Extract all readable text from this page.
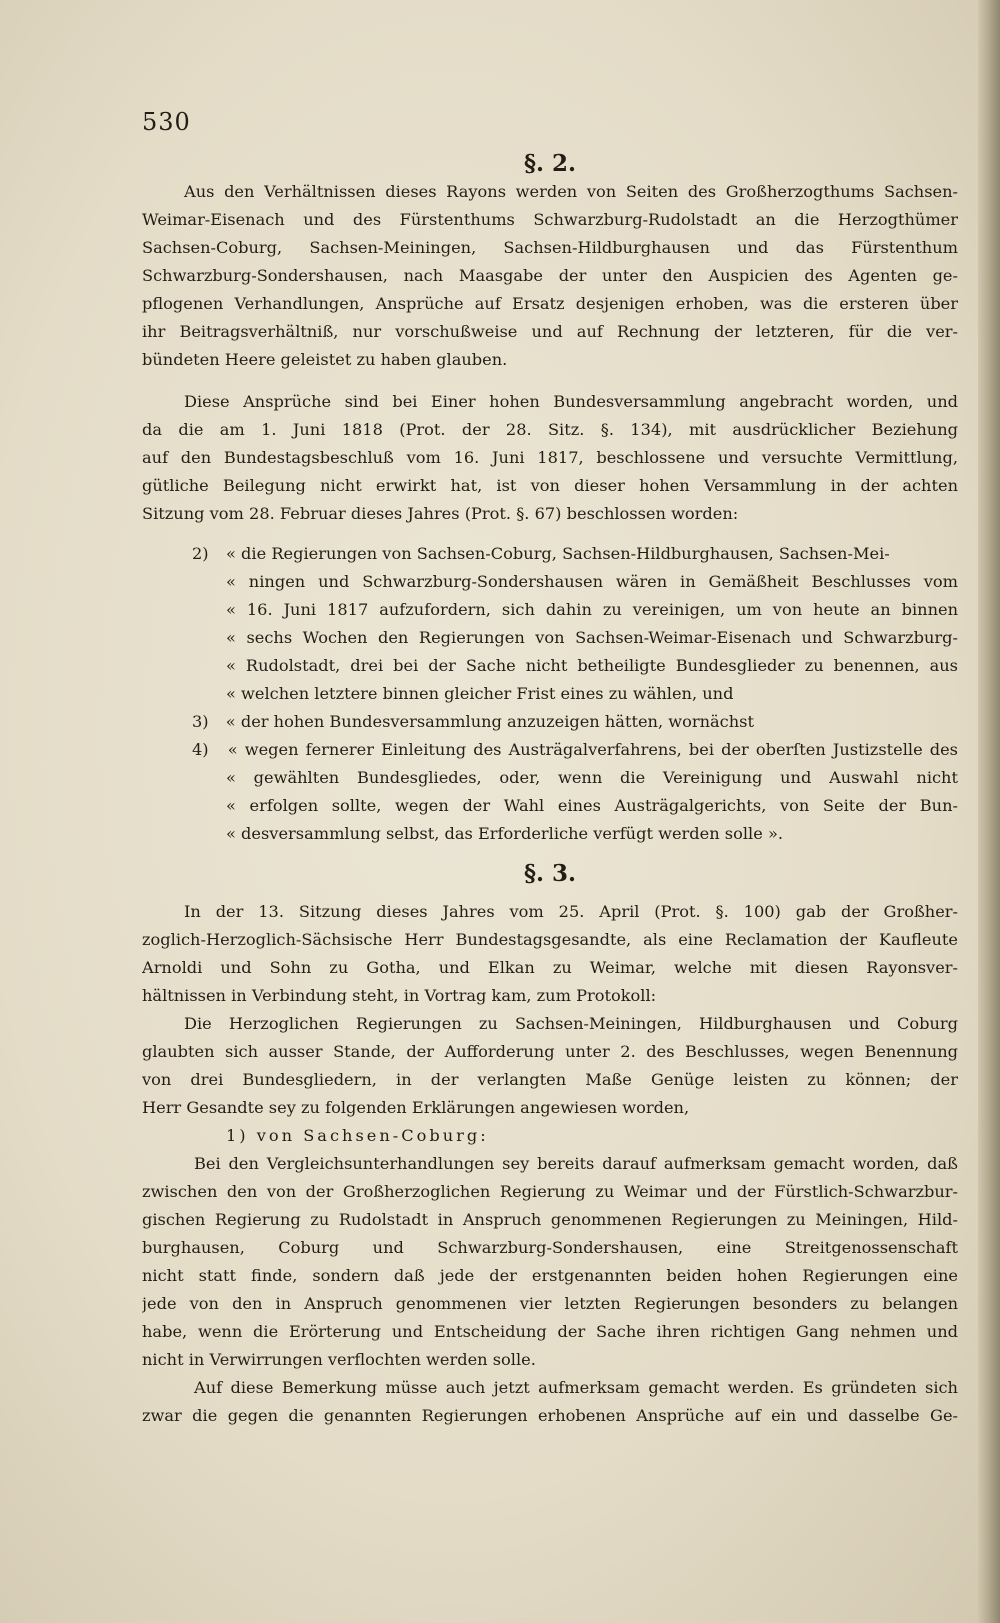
530
§. 2.
Aus den Verhältnissen dieses Rayons werden von Seiten des Großherzogthums Sachsen-
Weimar-Eisenach und des Fürstenthums Schwarzburg-Rudolstadt an die Herzogthümer
Sachsen-Coburg, Sachsen-Meiningen, Sachsen-Hildburghausen und das Fürstenthum
Schwarzburg-Sondershausen, nach Maasgabe der unter den Auspicien des Agenten ge-
pflogenen Verhandlungen, Ansprüche auf Ersatz desjenigen erhoben, was die ersteren über
ihr Beitragsverhältniß, nur vorschußweise und auf Rechnung der letzteren, für die ver-
bündeten Heere geleistet zu haben glauben.
Diese Ansprüche sind bei Einer hohen Bundesversammlung angebracht worden, und
da die am 1. Juni 1818 (Prot. der 28. Sitz. §. 134), mit ausdrücklicher Beziehung
auf den Bundestagsbeschluß vom 16. Juni 1817, beschlossene und versuchte Vermittlung,
gütliche Beilegung nicht erwirkt hat, ist von dieser hohen Versammlung in der achten
Sitzung vom 28. Februar dieses Jahres (Prot. §. 67) beschlossen worden:
2) « die Regierungen von Sachsen-Coburg, Sachsen-Hildburghausen, Sachsen-Mei-
« ningen und Schwarzburg-Sondershausen wären in Gemäßheit Beschlusses vom
« 16. Juni 1817 aufzufordern, sich dahin zu vereinigen, um von heute an binnen
« sechs Wochen den Regierungen von Sachsen-Weimar-Eisenach und Schwarzburg-
« Rudolstadt, drei bei der Sache nicht betheiligte Bundesglieder zu benennen, aus
« welchen letztere binnen gleicher Frist eines zu wählen, und
3) « der hohen Bundesversammlung anzuzeigen hätten, wornächst
4) « wegen fernerer Einleitung des Austrägalverfahrens, bei der oberſten Justizstelle des
« gewählten Bundesgliedes, oder, wenn die Vereinigung und Auswahl nicht
« erfolgen sollte, wegen der Wahl eines Austrägalgerichts, von Seite der Bun-
« desversammlung selbst, das Erforderliche verfügt werden solle ».
§. 3.
In der 13. Sitzung dieses Jahres vom 25. April (Prot. §. 100) gab der Großher-
zoglich-Herzoglich-Sächsische Herr Bundestagsgesandte, als eine Reclamation der Kaufleute
Arnoldi und Sohn zu Gotha, und Elkan zu Weimar, welche mit diesen Rayonsver-
hältnissen in Verbindung steht, in Vortrag kam, zum Protokoll:
Die Herzoglichen Regierungen zu Sachsen-Meiningen, Hildburghausen und Coburg
glaubten sich ausser Stande, der Aufforderung unter 2. des Beschlusses, wegen Benennung
von drei Bundesgliedern, in der verlangten Maße Genüge leisten zu können; der
Herr Gesandte sey zu folgenden Erklärungen angewiesen worden,
1) von Sachsen-Coburg:
Bei den Vergleichsunterhandlungen sey bereits darauf aufmerksam gemacht worden, daß
zwischen den von der Großherzoglichen Regierung zu Weimar und der Fürstlich-Schwarzbur-
gischen Regierung zu Rudolstadt in Anspruch genommenen Regierungen zu Meiningen, Hild-
burghausen, Coburg und Schwarzburg-Sondershausen, eine Streitgenossenschaft
nicht statt finde, sondern daß jede der erstgenannten beiden hohen Regierungen eine
jede von den in Anspruch genommenen vier letzten Regierungen besonders zu belangen
habe, wenn die Erörterung und Entscheidung der Sache ihren richtigen Gang nehmen und
nicht in Verwirrungen verflochten werden solle.
Auf diese Bemerkung müsse auch jetzt aufmerksam gemacht werden. Es gründeten sich
zwar die gegen die genannten Regierungen erhobenen Ansprüche auf ein und dasselbe Ge-
